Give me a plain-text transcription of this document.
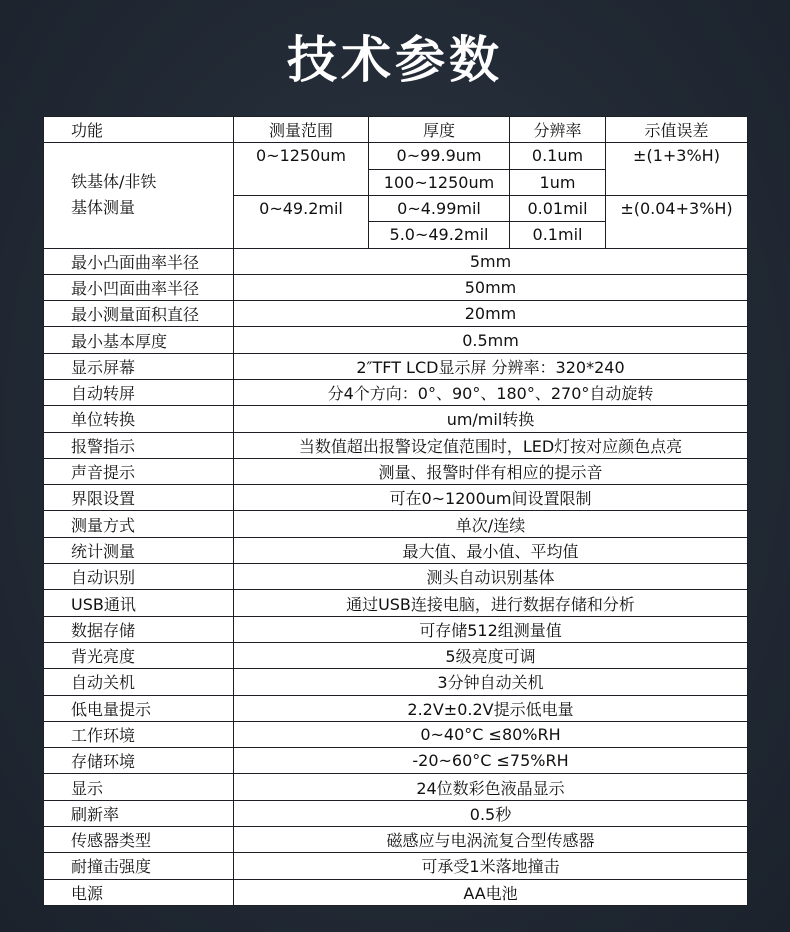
技术参数
功能	测量范围	厚度	分辨率	示值误差
铁基体/非铁
基体测量	0~1250um	0~99.9um	0.1um	±(1+3%H)
		100~1250um	1um	
	0~49.2mil	0~4.99mil	0.01mil	±(0.04+3%H)
		5.0~49.2mil	0.1mil	
最小凸面曲率半径	5mm			
最小凹面曲率半径	50mm			
最小测量面积直径	20mm			
最小基本厚度	0.5mm			
显示屏幕	2″TFT LCD显示屏 分辨率：320*240			
自动转屏	分4个方向：0°、90°、180°、270°自动旋转			
单位转换	um/mil转换			
报警指示	当数值超出报警设定值范围时，LED灯按对应颜色点亮			
声音提示	测量、报警时伴有相应的提示音			
界限设置	可在0~1200um间设置限制			
测量方式	单次/连续			
统计测量	最大值、最小值、平均值			
自动识别	测头自动识别基体			
USB通讯	通过USB连接电脑，进行数据存储和分析			
数据存储	可存储512组测量值			
背光亮度	5级亮度可调			
自动关机	3分钟自动关机			
低电量提示	2.2V±0.2V提示低电量			
工作环境	0~40°C ≤80%RH			
存储环境	-20~60°C ≤75%RH			
显示	24位数彩色液晶显示			
刷新率	0.5秒			
传感器类型	磁感应与电涡流复合型传感器			
耐撞击强度	可承受1米落地撞击			
电源	AA电池			
